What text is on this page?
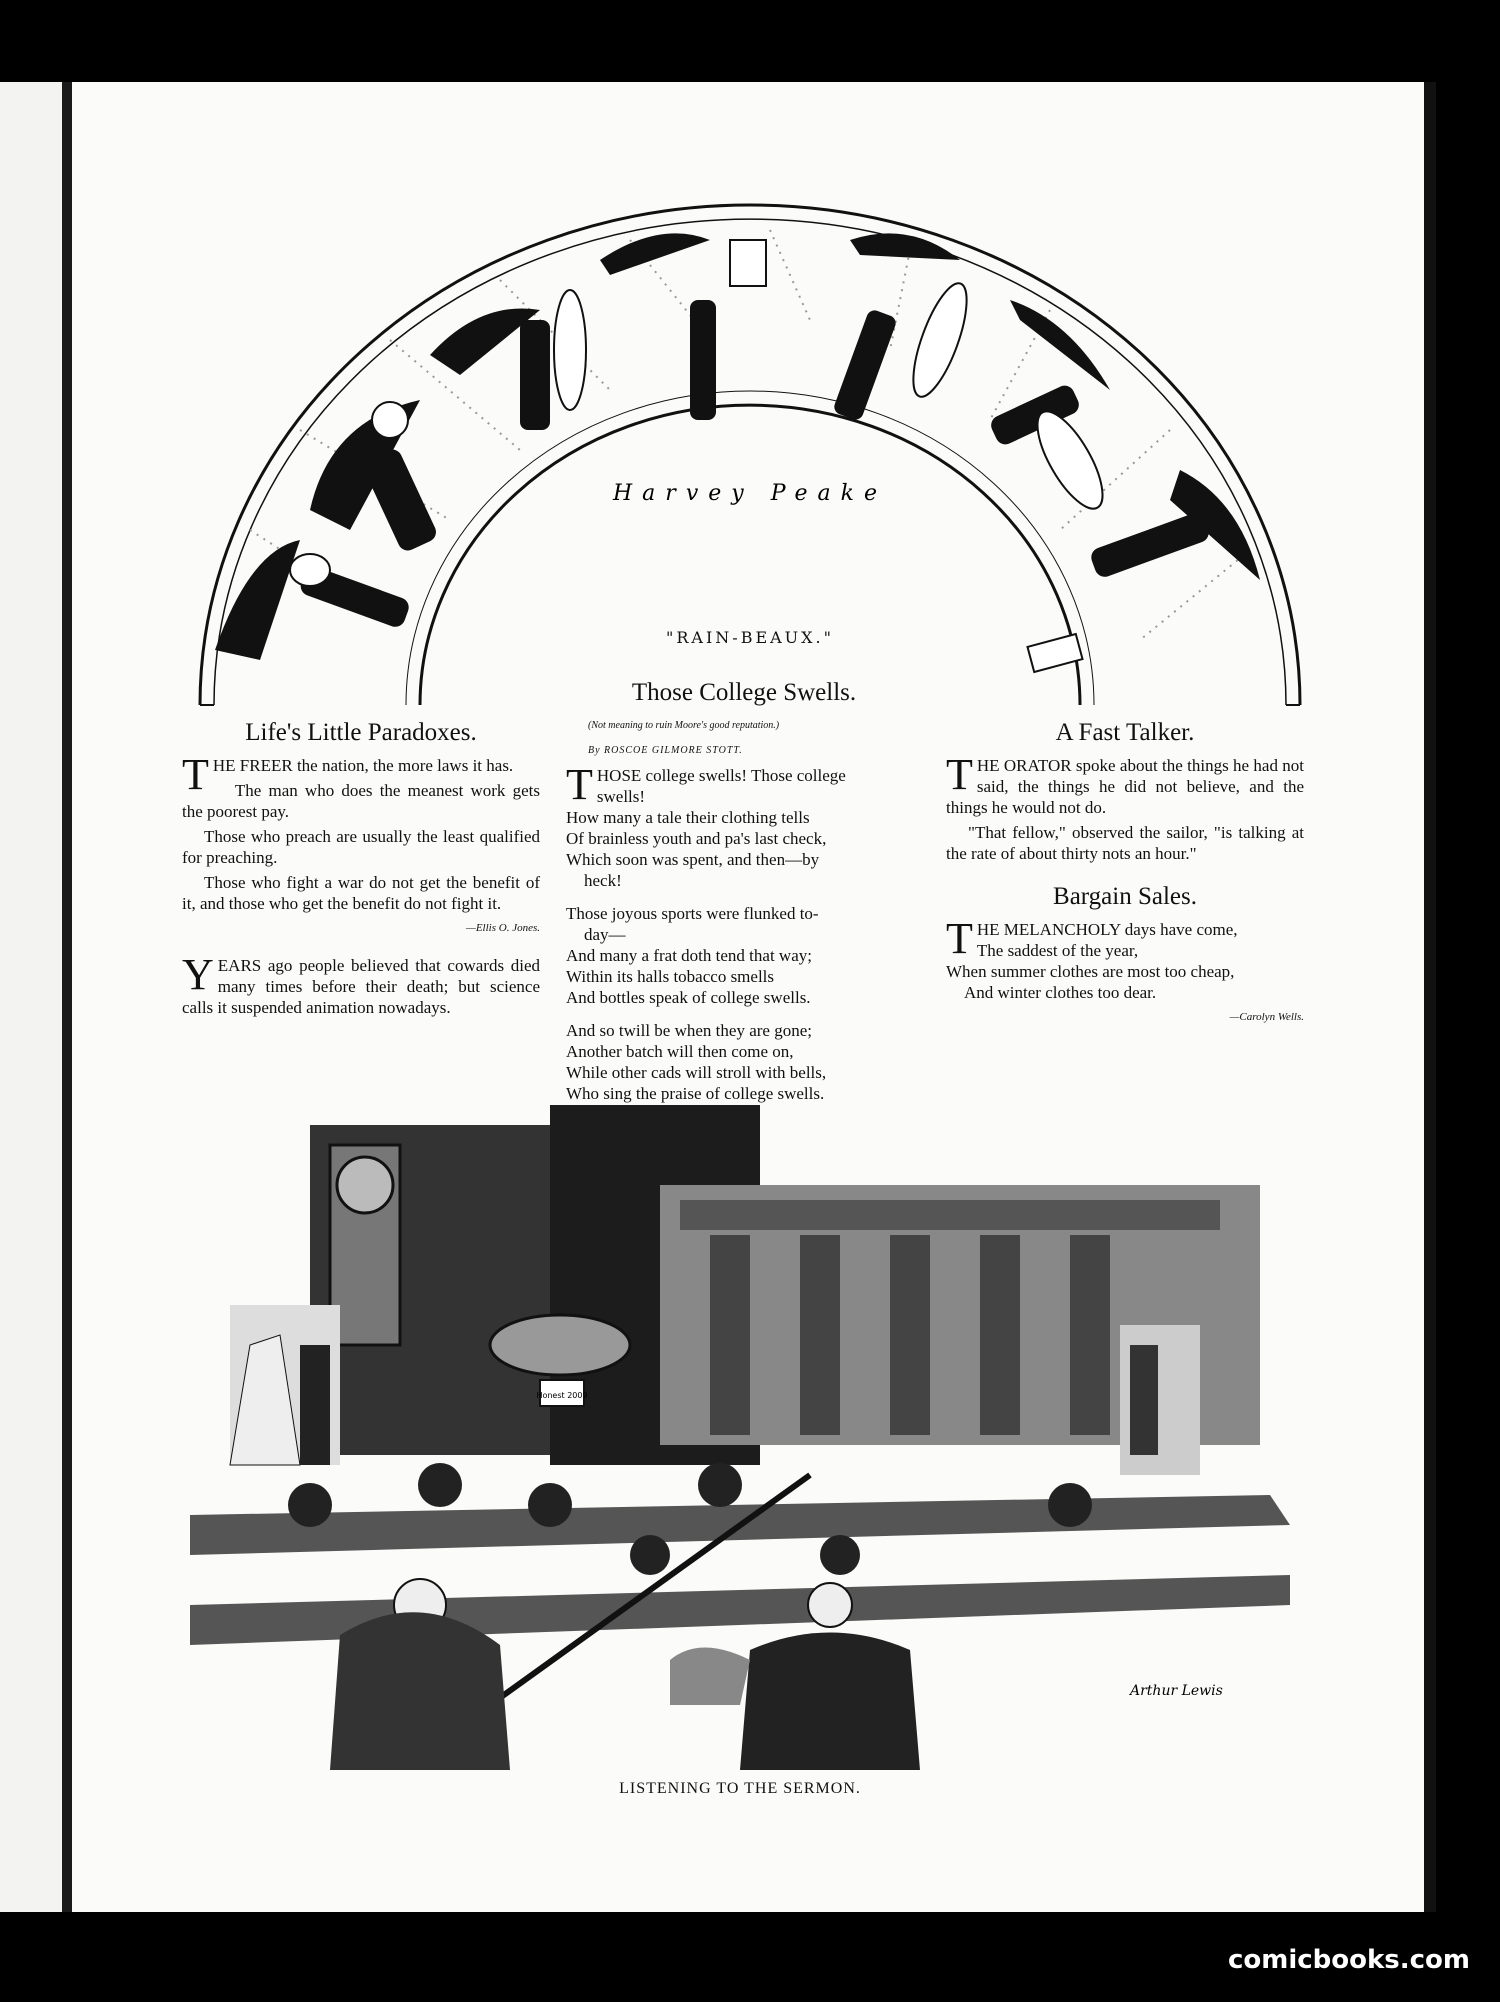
Harvey Peake
"RAIN-BEAUX."
Life's Little Paradoxes.

THE FREER the nation, the more laws it has.

The man who does the meanest work gets the poorest pay.

Those who preach are usually the least qualified for preaching.

Those who fight a war do not get the benefit of it, and those who get the benefit do not fight it.

—Ellis O. Jones.

YEARS ago people believed that cowards died many times before their death; but science calls it suspended animation nowadays.

Those College Swells.

(Not meaning to ruin Moore's good reputation.)

By ROSCOE GILMORE STOTT.

THOSE college swells! Those college
swells!
How many a tale their clothing tells
Of brainless youth and pa's last check,
Which soon was spent, and then—by
heck!
Those joyous sports were flunked to-
day—
And many a frat doth tend that way;
Within its halls tobacco smells
And bottles speak of college swells.
And so twill be when they are gone;
Another batch will then come on,
While other cads will stroll with bells,
Who sing the praise of college swells.
A Fast Talker.

THE ORATOR spoke about the things he had not said, the things he did not believe, and the things he would not do.

"That fellow," observed the sailor, "is talking at the rate of about thirty nots an hour."

Bargain Sales.
THE MELANCHOLY days have come,
The saddest of the year,
When summer clothes are most too cheap,
And winter clothes too dear.
—Carolyn Wells.
Honest 2009
Arthur Lewis
LISTENING TO THE SERMON.
comicbooks.com
